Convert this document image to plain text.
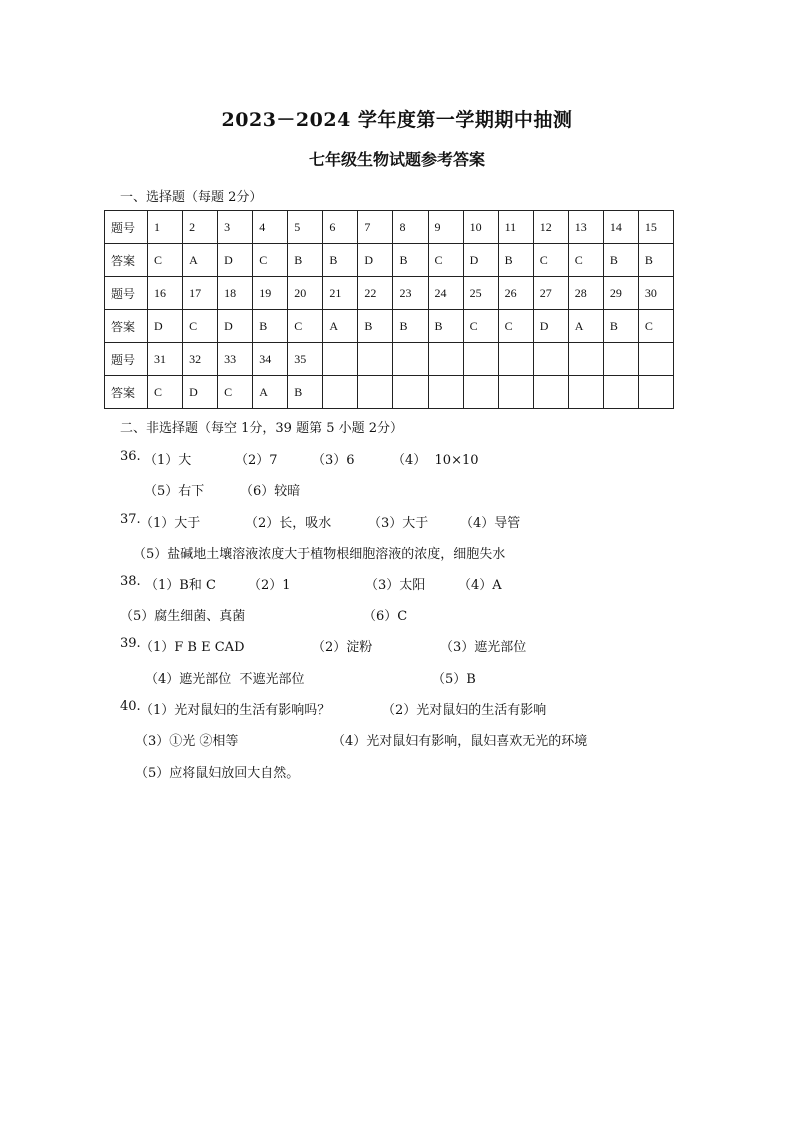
2023－2024 学年度第一学期期中抽测
七年级生物试题参考答案
一、选择题（每题 2分）
题号	1	2	3	4	5	6	7	8	9	10	11	12	13	14	15
答案	C	A	D	C	B	B	D	B	C	D	B	C	C	B	B
题号	16	17	18	19	20	21	22	23	24	25	26	27	28	29	30
答案	D	C	D	B	C	A	B	B	B	C	C	D	A	B	C
题号	31	32	33	34	35										
答案	C	D	C	A	B										
二、非选择题（每空 1分，39 题第 5 小题 2分）
36. （1）大	（2）7	（3）6	（4）  10×10
（5）右下	（6）较暗
37. （1）大于	（2）长，吸水	（3）大于 （4）导管
（5）盐碱地土壤溶液浓度大于植物根细胞溶液的浓度，细胞失水
38. （1）B和 C （2）1	（3）太阳	（4）A
（5）腐生细菌、真菌	（6）C
39. （1）F B E CAD	（2）淀粉	（3）遮光部位
（4）遮光部位  不遮光部位	（5）B
40. （1）光对鼠妇的生活有影响吗？	（2）光对鼠妇的生活有影响
（3）①光 ②相等	（4）光对鼠妇有影响，鼠妇喜欢无光的环境
（5）应将鼠妇放回大自然。
